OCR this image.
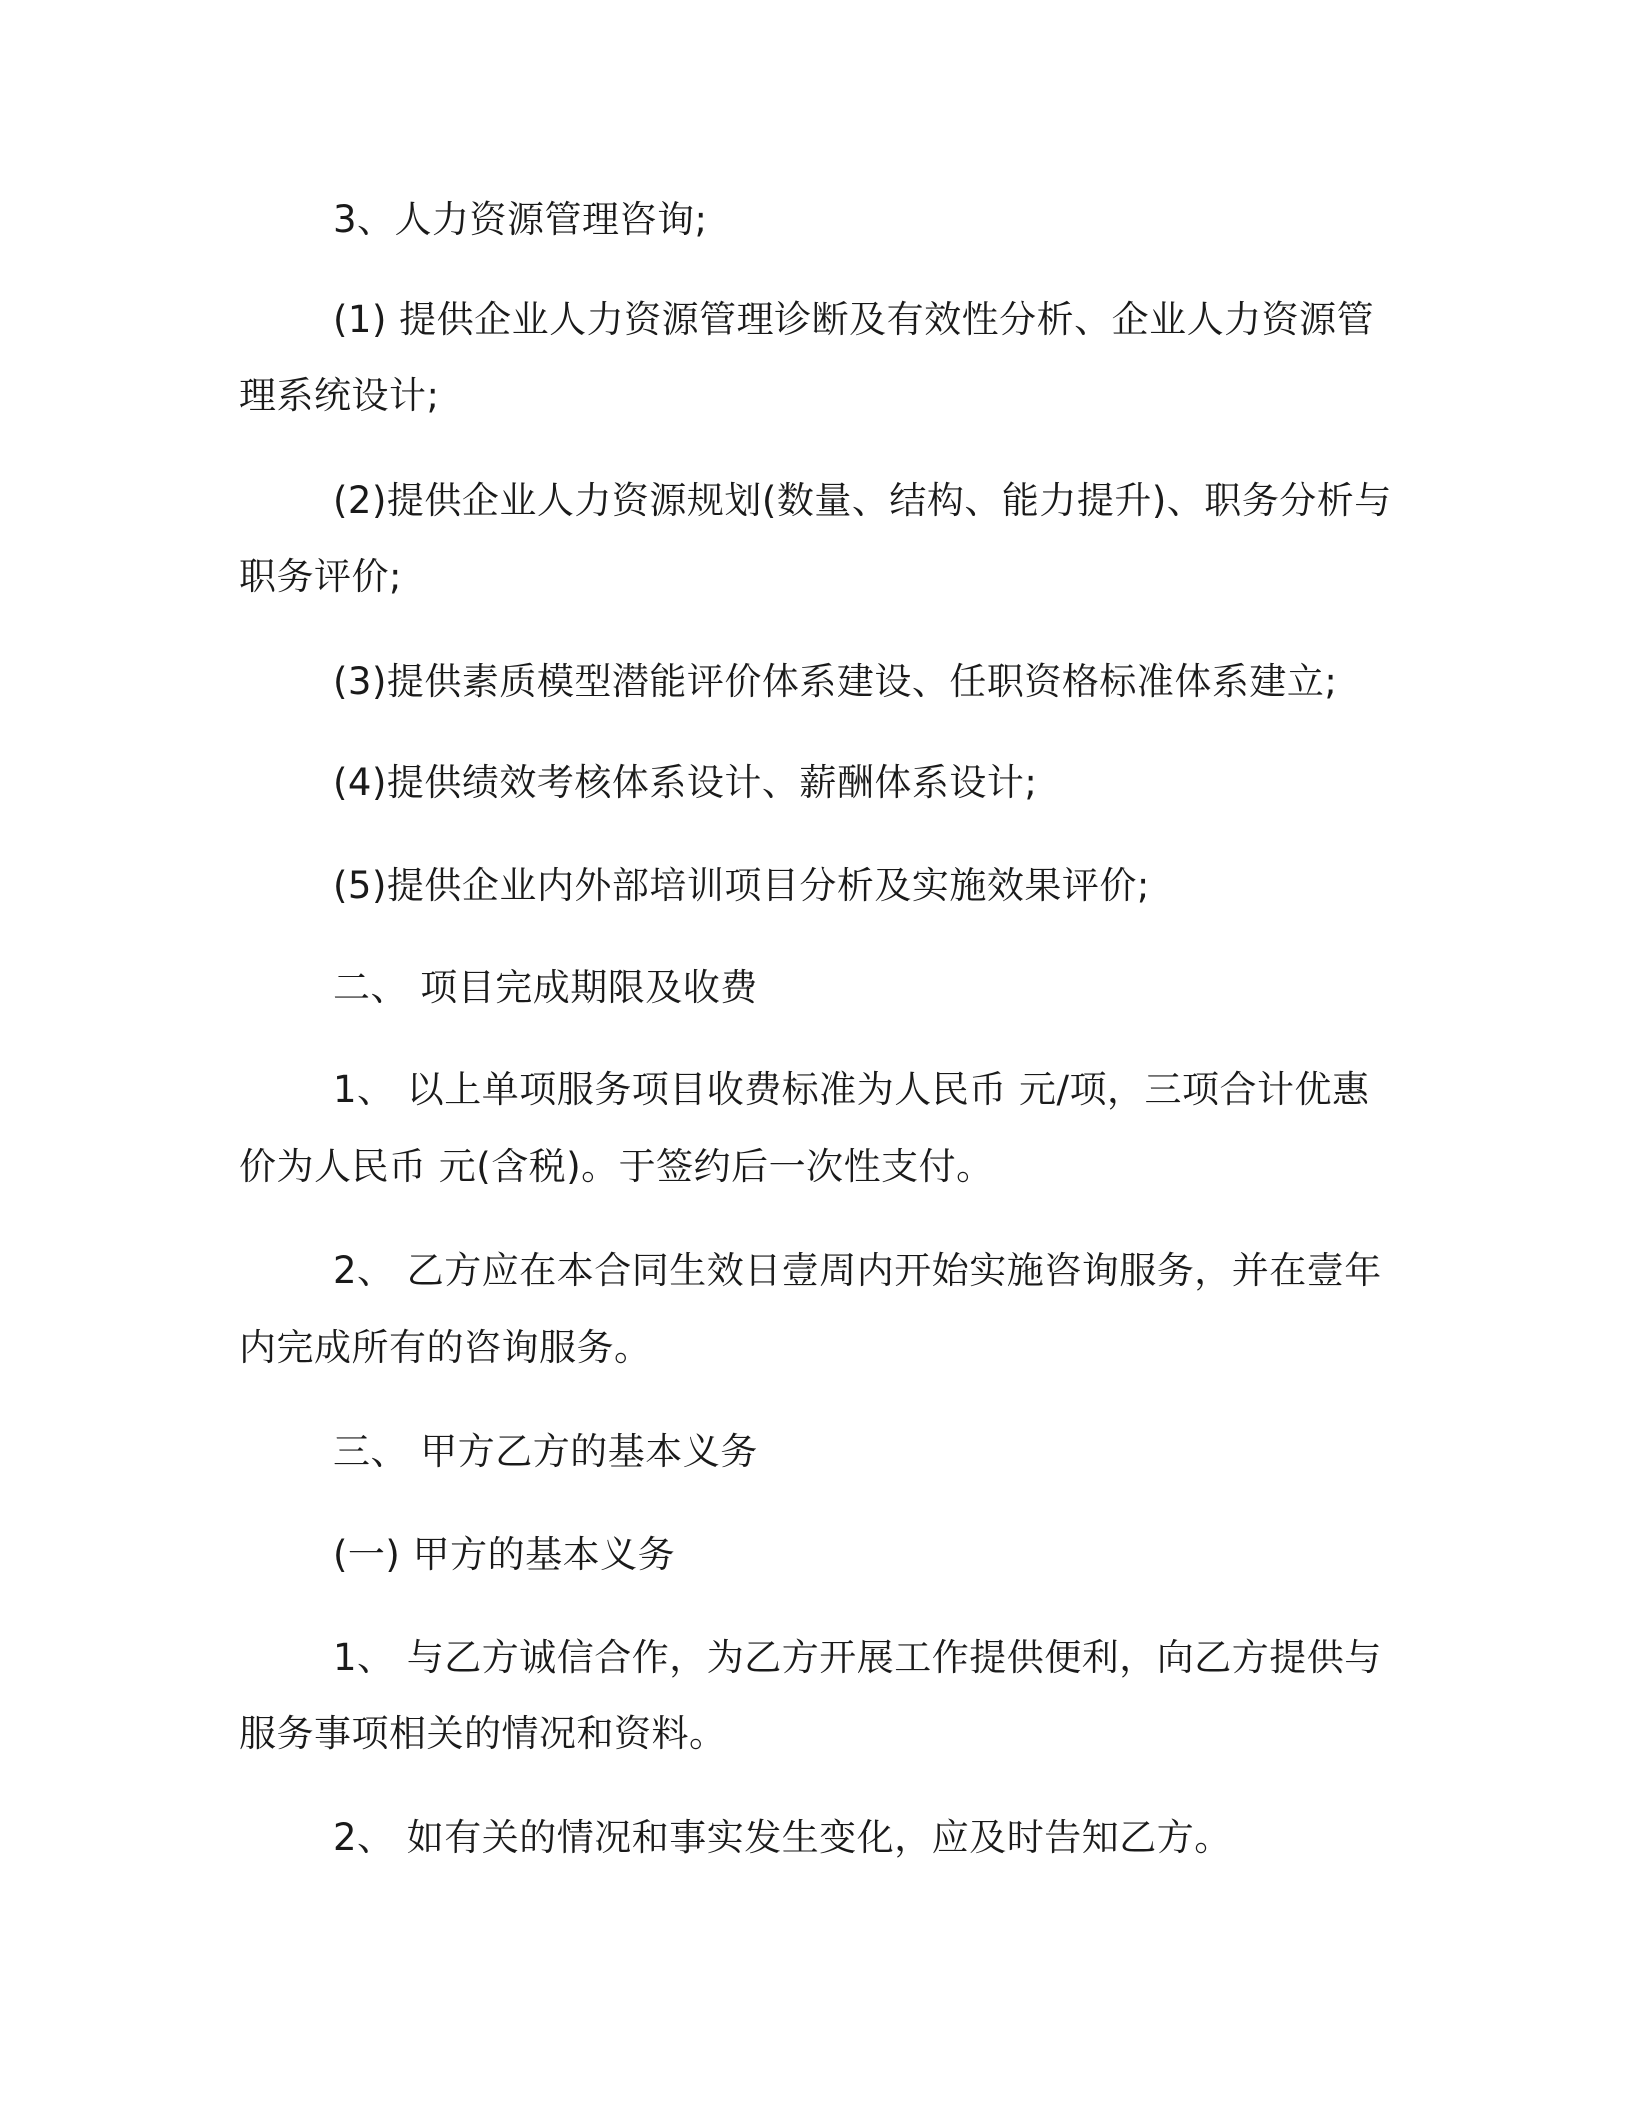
3、人力资源管理咨询;

(1) 提供企业人力资源管理诊断及有效性分析、企业人力资源管

理系统设计;

(2)提供企业人力资源规划(数量、结构、能力提升)、职务分析与

职务评价;

(3)提供素质模型潜能评价体系建设、任职资格标准体系建立;

(4)提供绩效考核体系设计、薪酬体系设计;

(5)提供企业内外部培训项目分析及实施效果评价;

二、 项目完成期限及收费

1、 以上单项服务项目收费标准为人民币 元/项，三项合计优惠

价为人民币 元(含税)。于签约后一次性支付。

2、 乙方应在本合同生效日壹周内开始实施咨询服务，并在壹年

内完成所有的咨询服务。

三、 甲方乙方的基本义务

(一) 甲方的基本义务

1、 与乙方诚信合作，为乙方开展工作提供便利，向乙方提供与

服务事项相关的情况和资料。

2、 如有关的情况和事实发生变化，应及时告知乙方。
